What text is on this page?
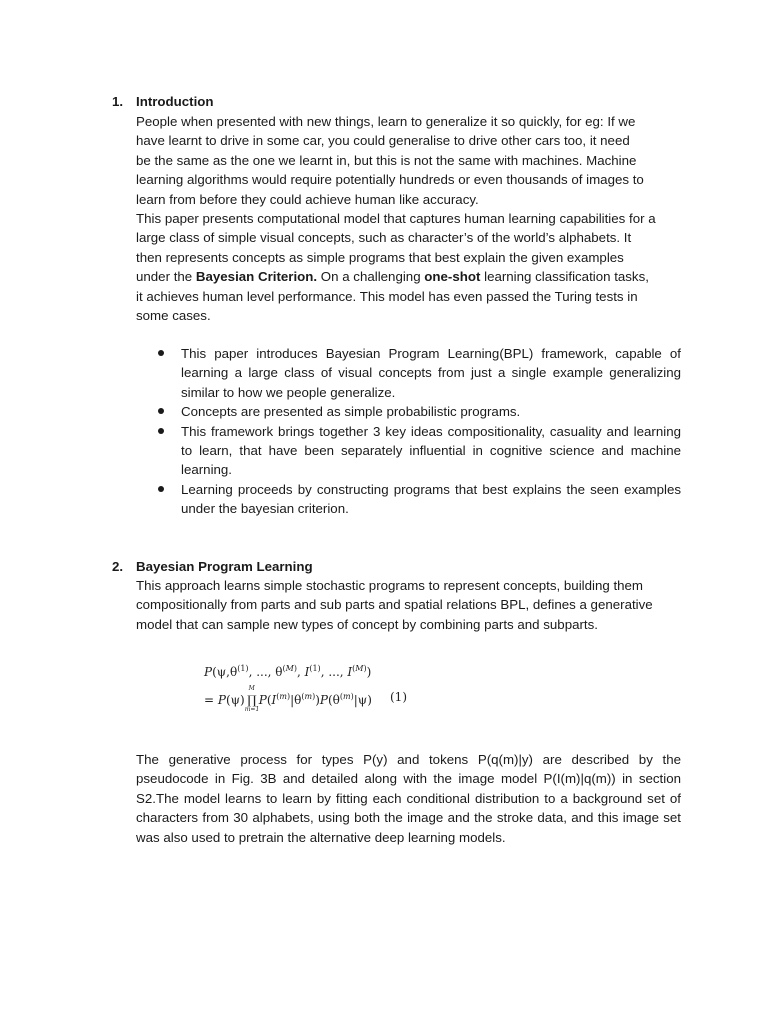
1. Introduction
People when presented with new things, learn to generalize it so quickly, for eg: If we
have learnt to drive in some car, you could generalise to drive other cars too, it need
be the same as the one we learnt in, but this is not the same with machines. Machine
learning algorithms would require potentially hundreds or even thousands of images to
learn from before they could achieve human like accuracy.
This paper presents computational model that captures human learning capabilities for a
large class of simple visual concepts, such as character’s of the world’s alphabets. It
then represents concepts as simple programs that best explain the given examples
under the Bayesian Criterion. On a challenging one-shot learning classification tasks,
it achieves human level performance. This model has even passed the Turing tests in
some cases.
This paper introduces Bayesian Program Learning(BPL) framework, capable of learning a large class of visual concepts from just a single example generalizing similar to how we people generalize.
Concepts are presented as simple probabilistic programs.
This framework brings together 3 key ideas compositionality, casuality and learning to learn, that have been separately influential in cognitive science and machine learning.
Learning proceeds by constructing programs that best explains the seen examples under the bayesian criterion.
2. Bayesian Program Learning
This approach learns simple stochastic programs to represent concepts, building them
compositionally from parts and sub parts and spatial relations BPL, defines a generative
model that can sample new types of concept by combining parts and subparts.
$P(\psi,\theta^{(1)}$, ..., $\theta^{(M)}$, $I^{(1)}$, ..., $I^{(M)}$)
= P(ψ)
M
∏
m=1
$P(I^{(m)}|\theta^{(m)})P(\theta^{(m)}|\psi)$ (1)
The generative process for types P(y) and tokens P(q(m)|y) are described by the pseudocode in Fig. 3B and detailed along with the image model P(I(m)|q(m)) in section S2.The model learns to learn by fitting each conditional distribution to a background set of characters from 30 alphabets, using both the image and the stroke data, and this image set was also used to pretrain the alternative deep learning models.
